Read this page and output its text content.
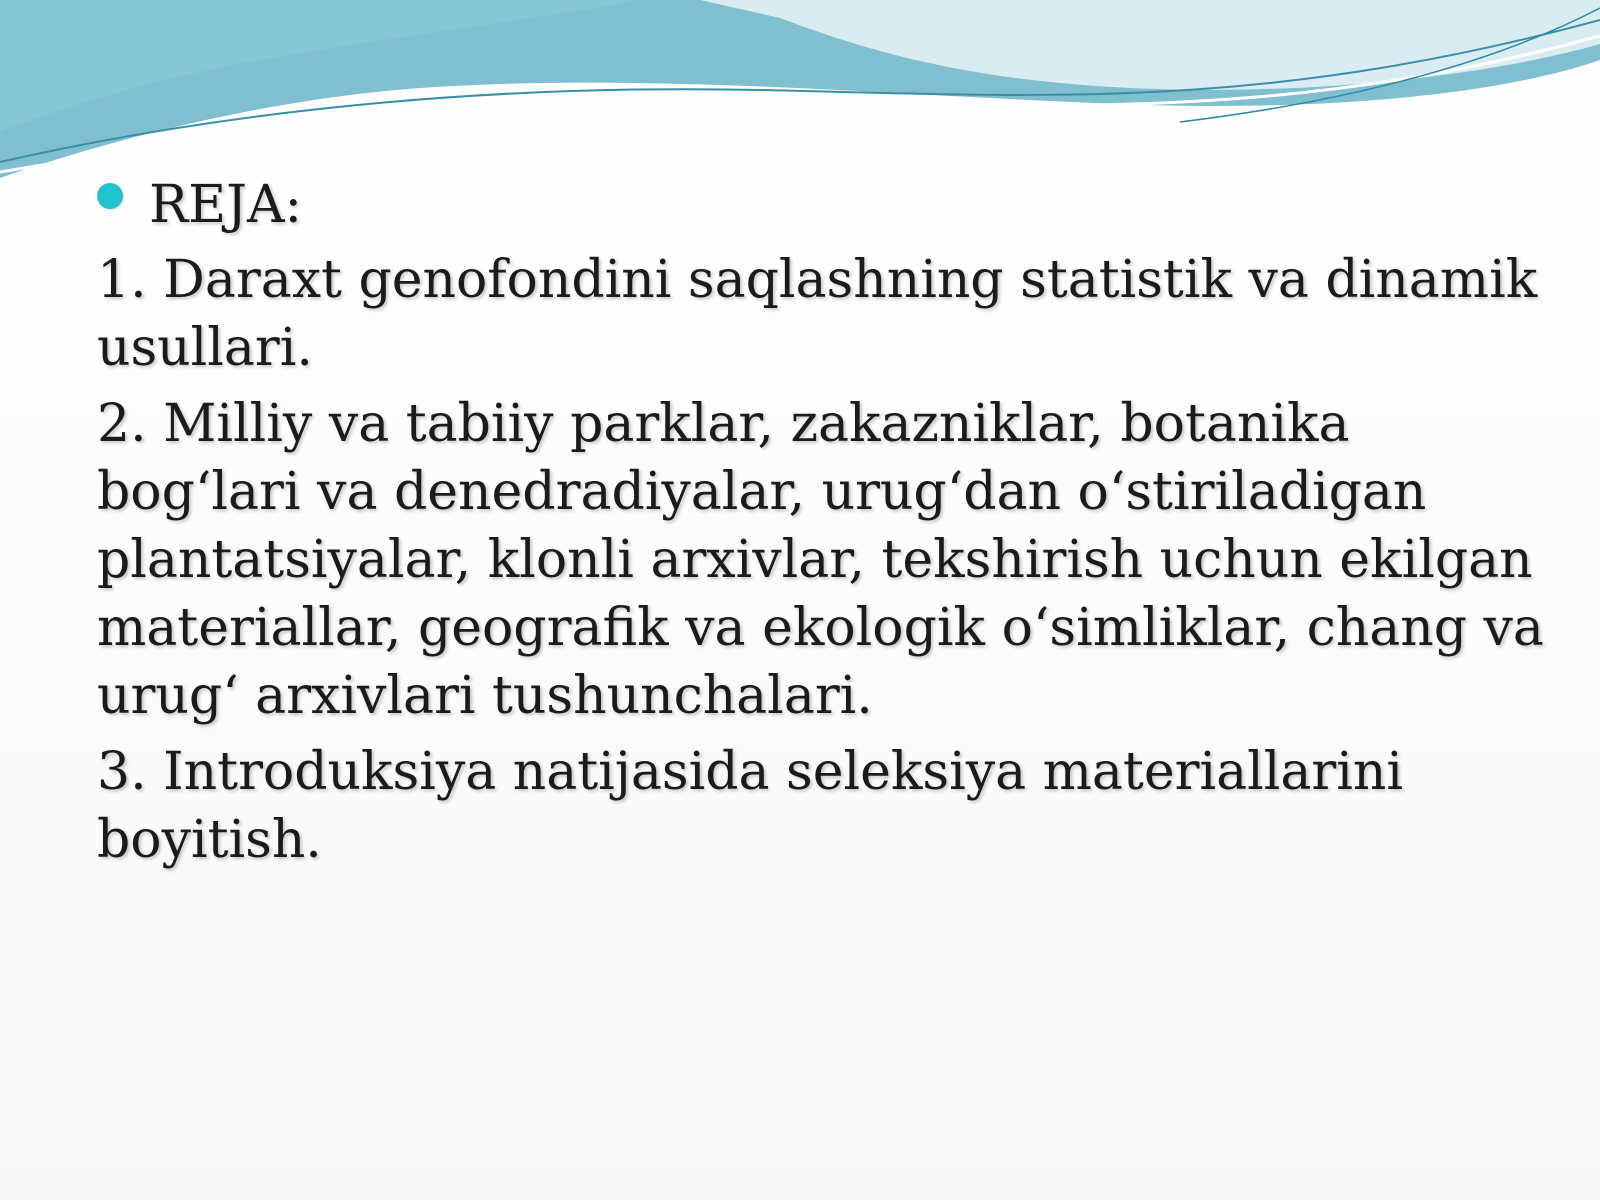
REJA:
1. Daraxt genofondini saqlashning statistik va dinamik usullari.
2. Milliy va tabiiy parklar, zakazniklar, botanika bog‘lari va denedradiyalar, urug‘dan o‘stiriladigan plantatsiyalar, klonli arxivlar, tekshirish uchun ekilgan materiallar, geografik va ekologik o‘simliklar, chang va urug‘ arxivlari tushunchalari.
3. Introduksiya natijasida seleksiya materiallarini boyitish.
